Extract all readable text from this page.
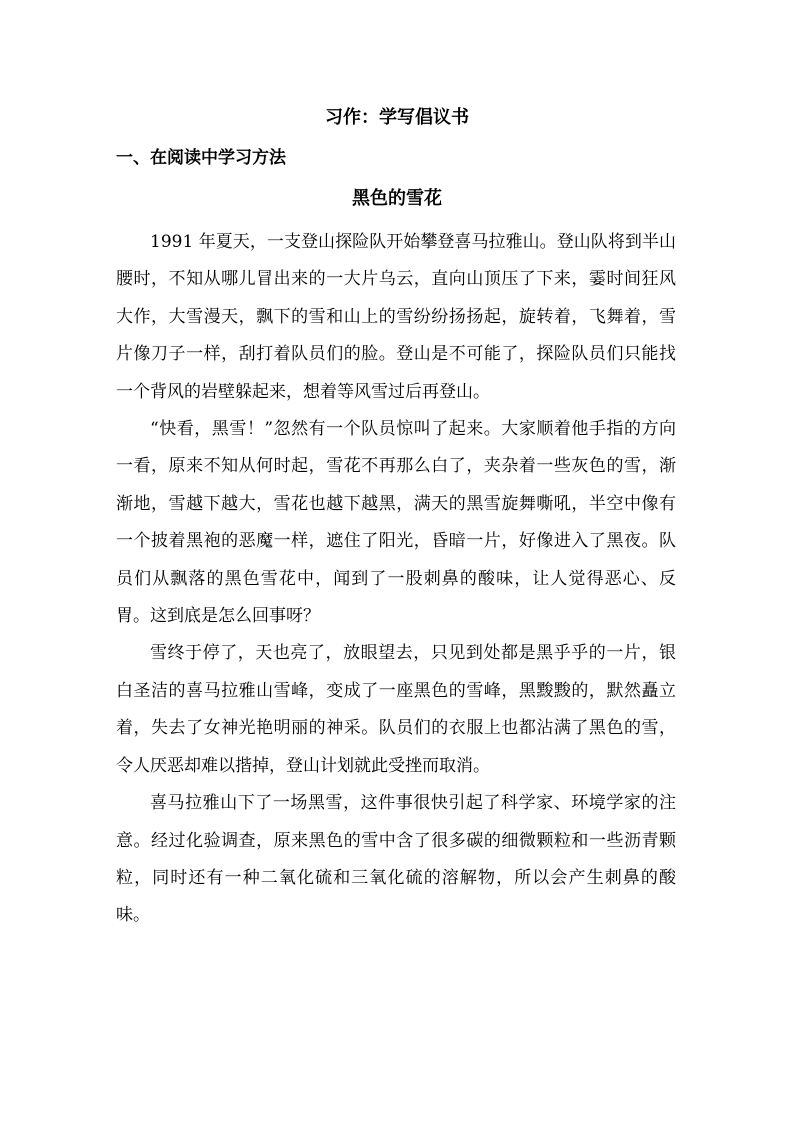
习作：学写倡议书
一、在阅读中学习方法
黑色的雪花

1991 年夏天，一支登山探险队开始攀登喜马拉雅山。登山队将到半山腰时，不知从哪儿冒出来的一大片乌云，直向山顶压了下来，霎时间狂风大作，大雪漫天，飘下的雪和山上的雪纷纷扬扬起，旋转着，飞舞着，雪片像刀子一样，刮打着队员们的脸。登山是不可能了，探险队员们只能找一个背风的岩壁躲起来，想着等风雪过后再登山。

“快看，黑雪！”忽然有一个队员惊叫了起来。大家顺着他手指的方向一看，原来不知从何时起，雪花不再那么白了，夹杂着一些灰色的雪，渐渐地，雪越下越大，雪花也越下越黑，满天的黑雪旋舞嘶吼，半空中像有一个披着黑袍的恶魔一样，遮住了阳光，昏暗一片，好像进入了黑夜。队员们从飘落的黑色雪花中，闻到了一股刺鼻的酸味，让人觉得恶心、反胃。这到底是怎么回事呀？

雪终于停了，天也亮了，放眼望去，只见到处都是黑乎乎的一片，银白圣洁的喜马拉雅山雪峰，变成了一座黑色的雪峰，黑黢黢的，默然矗立着，失去了女神光艳明丽的神采。队员们的衣服上也都沾满了黑色的雪，令人厌恶却难以揩掉，登山计划就此受挫而取消。

喜马拉雅山下了一场黑雪，这件事很快引起了科学家、环境学家的注意。经过化验调查，原来黑色的雪中含了很多碳的细微颗粒和一些沥青颗粒，同时还有一种二氧化硫和三氧化硫的溶解物，所以会产生刺鼻的酸味。
